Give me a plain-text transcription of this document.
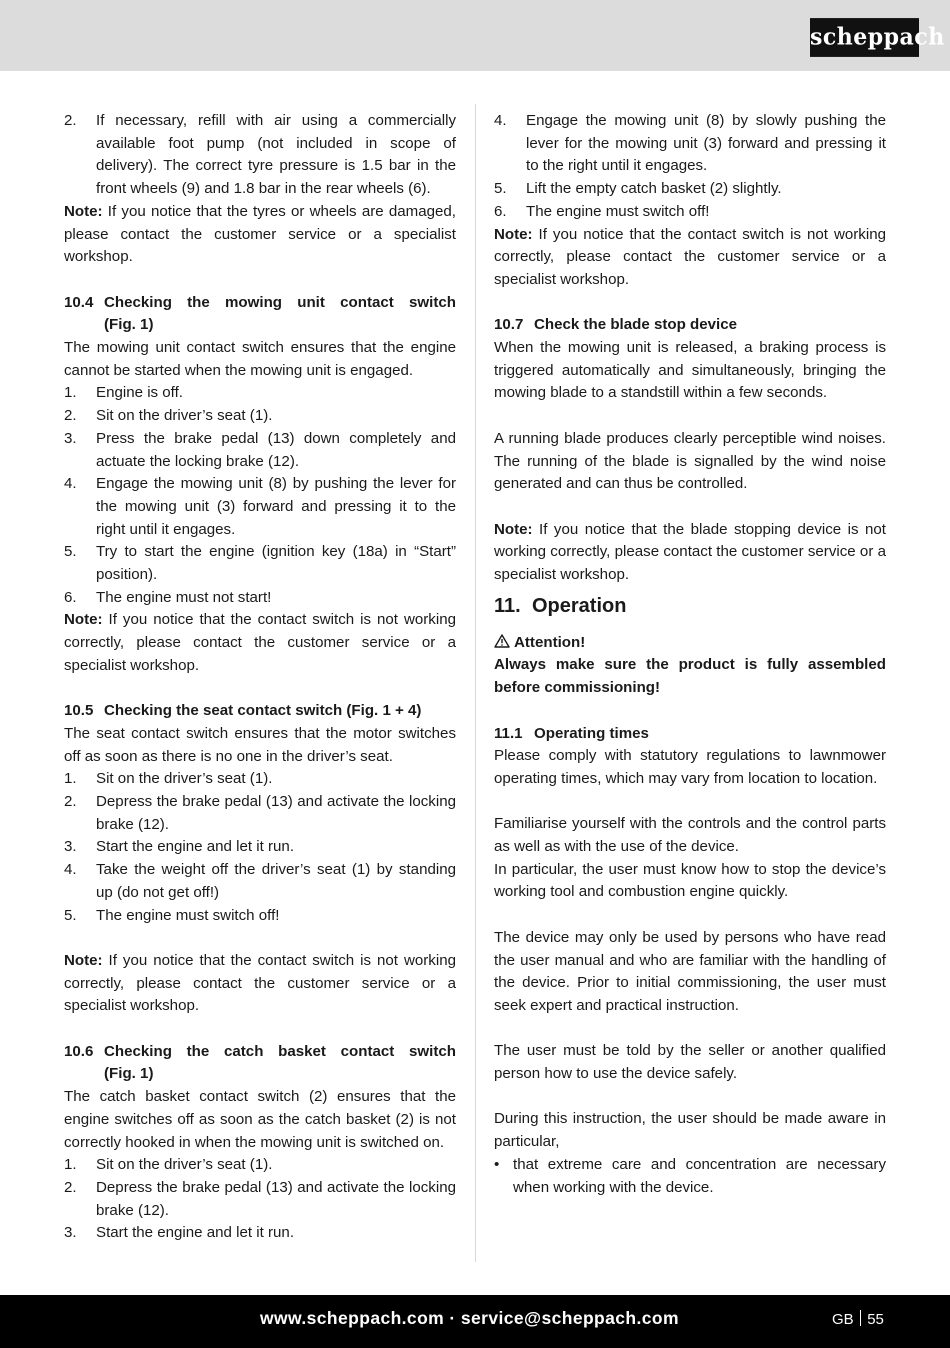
scheppach
2.	If necessary, refill with air using a commercially available foot pump (not included in scope of delivery). The correct tyre pressure is 1.5 bar in the front wheels (9) and 1.8 bar in the rear wheels (6).
Note: If you notice that the tyres or wheels are damaged, please contact the customer service or a specialist workshop.
10.4 Checking the mowing unit contact switch
(Fig. 1)
The mowing unit contact switch ensures that the engine cannot be started when the mowing unit is engaged.
1.	Engine is off.
2.	Sit on the driver’s seat (1).
3.	Press the brake pedal (13) down completely and actuate the locking brake (12).
4.	Engage the mowing unit (8) by pushing the lever for the mowing unit (3) forward and pressing it to the right until it engages.
5.	Try to start the engine (ignition key (18a) in “Start” position).
6.	The engine must not start!
Note: If you notice that the contact switch is not working correctly, please contact the customer service or a specialist workshop.
10.5 Checking the seat contact switch (Fig. 1 + 4)
The seat contact switch ensures that the motor switches off as soon as there is no one in the driver’s seat.
1.	Sit on the driver’s seat (1).
2.	Depress the brake pedal (13) and activate the locking brake (12).
3.	Start the engine and let it run.
4.	Take the weight off the driver’s seat (1) by standing up (do not get off!)
5.	The engine must switch off!
Note: If you notice that the contact switch is not working correctly, please contact the customer service or a specialist workshop.
10.6 Checking the catch basket contact switch
(Fig. 1)
The catch basket contact switch (2) ensures that the engine switches off as soon as the catch basket (2) is not correctly hooked in when the mowing unit is switched on.
1.	Sit on the driver’s seat (1).
2.	Depress the brake pedal (13) and activate the locking brake (12).
3.	Start the engine and let it run.
4.	Engage the mowing unit (8) by slowly pushing the lever for the mowing unit (3) forward and pressing it to the right until it engages.
5.	Lift the empty catch basket (2) slightly.
6.	The engine must switch off!
Note: If you notice that the contact switch is not working correctly, please contact the customer service or a specialist workshop.
10.7 Check the blade stop device
When the mowing unit is released, a braking process is triggered automatically and simultaneously, bringing the mowing blade to a standstill within a few seconds.
A running blade produces clearly perceptible wind noises. The running of the blade is signalled by the wind noise generated and can thus be controlled.
Note: If you notice that the blade stopping device is not working correctly, please contact the customer service or a specialist workshop.
11. Operation
Attention!
Always make sure the product is fully assembled before commissioning!
11.1 Operating times
Please comply with statutory regulations to lawnmower operating times, which may vary from location to location.
Familiarise yourself with the controls and the control parts as well as with the use of the device.
In particular, the user must know how to stop the device’s working tool and combustion engine quickly.
The device may only be used by persons who have read the user manual and who are familiar with the handling of the device. Prior to initial commissioning, the user must seek expert and practical instruction.
The user must be told by the seller or another qualified person how to use the device safely.
During this instruction, the user should be made aware in particular,
• that extreme care and concentration are necessary when working with the device.
www.scheppach.com · service@scheppach.com	GB 55
